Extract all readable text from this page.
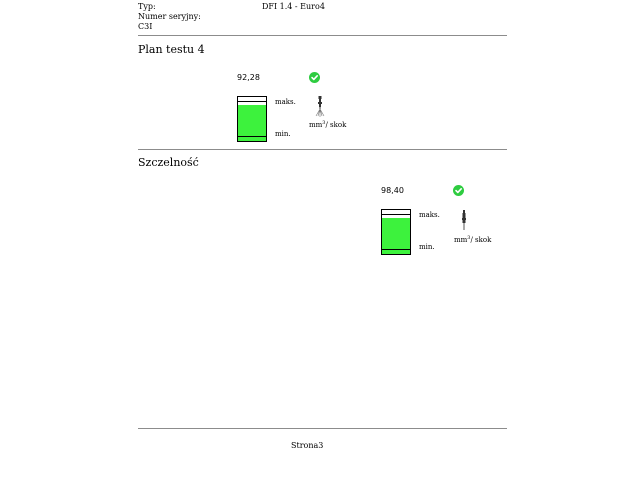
Typ:	DFI 1.4 - Euro4
Numer seryjny:
C3I
Plan testu 4
92,28
maks.
min.
$mm^3/$ skok
Szczelność
98,40
maks.
min.
$mm^3/$ skok
Strona3
